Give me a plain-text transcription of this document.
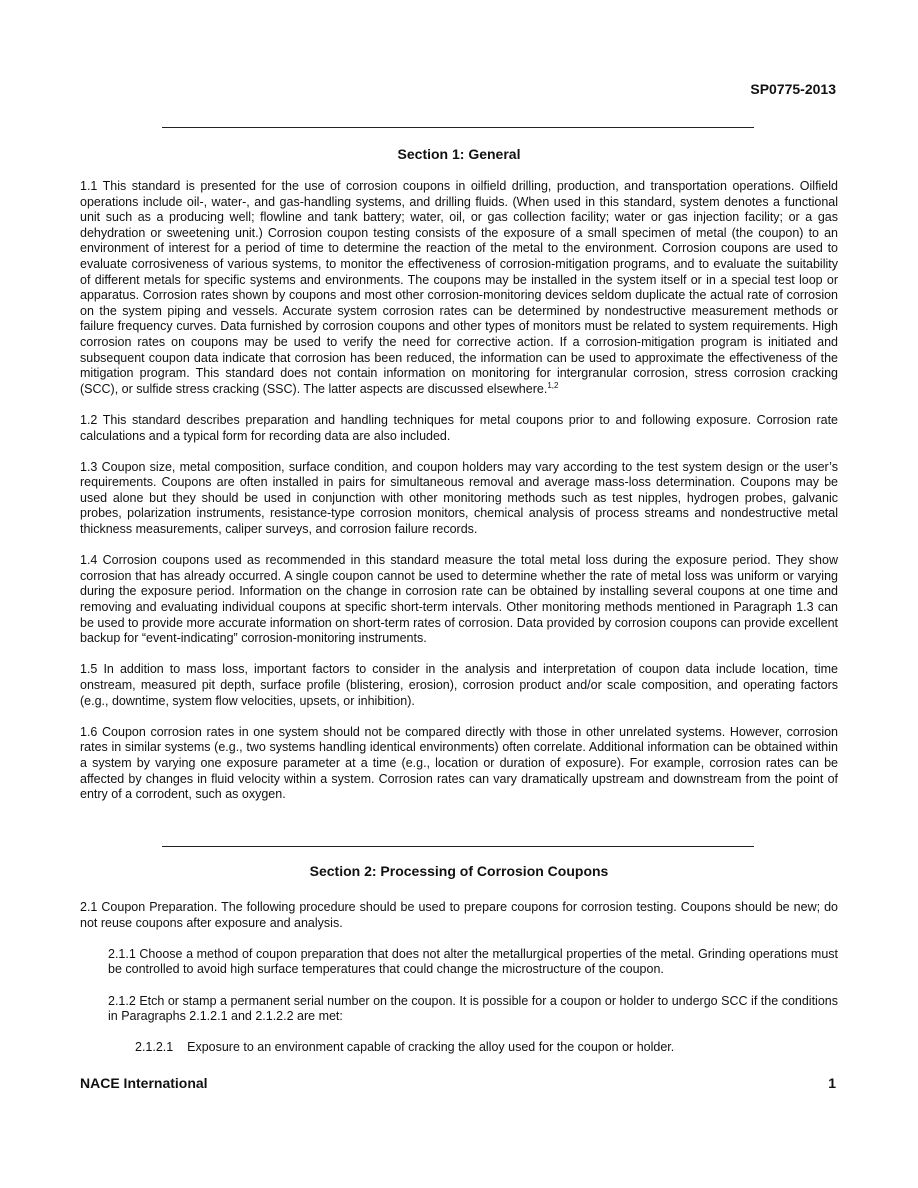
SP0775-2013
Section 1: General

1.1 This standard is presented for the use of corrosion coupons in oilfield drilling, production, and transportation operations. Oilfield operations include oil-, water-, and gas-handling systems, and drilling fluids. (When used in this standard, system denotes a functional unit such as a producing well; flowline and tank battery; water, oil, or gas collection facility; water or gas injection facility; or a gas dehydration or sweetening unit.) Corrosion coupon testing consists of the exposure of a small specimen of metal (the coupon) to an environment of interest for a period of time to determine the reaction of the metal to the environment. Corrosion coupons are used to evaluate corrosiveness of various systems, to monitor the effectiveness of corrosion-mitigation programs, and to evaluate the suitability of different metals for specific systems and environments. The coupons may be installed in the system itself or in a special test loop or apparatus. Corrosion rates shown by coupons and most other corrosion-monitoring devices seldom duplicate the actual rate of corrosion on the system piping and vessels. Accurate system corrosion rates can be determined by nondestructive measurement methods or failure frequency curves. Data furnished by corrosion coupons and other types of monitors must be related to system requirements. High corrosion rates on coupons may be used to verify the need for corrective action. If a corrosion-mitigation program is initiated and subsequent coupon data indicate that corrosion has been reduced, the information can be used to approximate the effectiveness of the mitigation program. This standard does not contain information on monitoring for intergranular corrosion, stress corrosion cracking (SCC), or sulfide stress cracking (SSC). The latter aspects are discussed elsewhere.$^{1,2}$

1.2 This standard describes preparation and handling techniques for metal coupons prior to and following exposure. Corrosion rate calculations and a typical form for recording data are also included.

1.3 Coupon size, metal composition, surface condition, and coupon holders may vary according to the test system design or the user’s requirements. Coupons are often installed in pairs for simultaneous removal and average mass-loss determination. Coupons may be used alone but they should be used in conjunction with other monitoring methods such as test nipples, hydrogen probes, galvanic probes, polarization instruments, resistance-type corrosion monitors, chemical analysis of process streams and nondestructive metal thickness measurements, caliper surveys, and corrosion failure records.

1.4 Corrosion coupons used as recommended in this standard measure the total metal loss during the exposure period. They show corrosion that has already occurred. A single coupon cannot be used to determine whether the rate of metal loss was uniform or varying during the exposure period. Information on the change in corrosion rate can be obtained by installing several coupons at one time and removing and evaluating individual coupons at specific short-term intervals. Other monitoring methods mentioned in Paragraph 1.3 can be used to provide more accurate information on short-term rates of corrosion. Data provided by corrosion coupons can provide excellent backup for “event-indicating” corrosion-monitoring instruments.

1.5 In addition to mass loss, important factors to consider in the analysis and interpretation of coupon data include location, time onstream, measured pit depth, surface profile (blistering, erosion), corrosion product and/or scale composition, and operating factors (e.g., downtime, system flow velocities, upsets, or inhibition).

1.6 Coupon corrosion rates in one system should not be compared directly with those in other unrelated systems. However, corrosion rates in similar systems (e.g., two systems handling identical environments) often correlate. Additional information can be obtained within a system by varying one exposure parameter at a time (e.g., location or duration of exposure). For example, corrosion rates can be affected by changes in fluid velocity within a system. Corrosion rates can vary dramatically upstream and downstream from the point of entry of a corrodent, such as oxygen.

Section 2: Processing of Corrosion Coupons

2.1 Coupon Preparation. The following procedure should be used to prepare coupons for corrosion testing. Coupons should be new; do not reuse coupons after exposure and analysis.

2.1.1 Choose a method of coupon preparation that does not alter the metallurgical properties of the metal. Grinding operations must be controlled to avoid high surface temperatures that could change the microstructure of the coupon.

2.1.2 Etch or stamp a permanent serial number on the coupon. It is possible for a coupon or holder to undergo SCC if the conditions in Paragraphs 2.1.2.1 and 2.1.2.2 are met:

2.1.2.1    Exposure to an environment capable of cracking the alloy used for the coupon or holder.

NACE International	1
